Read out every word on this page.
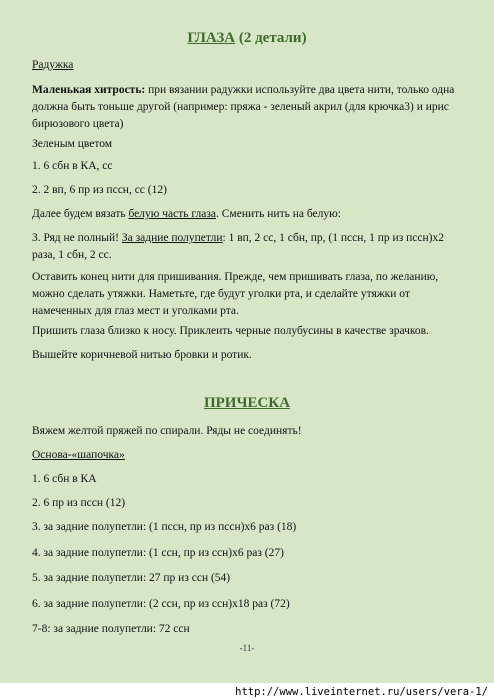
ГЛАЗА (2 детали)
Радужка
Маленькая хитрость: при вязании радужки используйте два цвета нити, только одна
должна быть тоньше другой (например: пряжа - зеленый акрил (для крючка3) и ирис
бирюзового цвета)
Зеленым цветом
1. 6 сбн в КА, сс
2. 2 вп, 6 пр из псcн, сс (12)
Далее будем вязать белую часть глаза. Сменить нить на белую:
3. Ряд не полный! За задние полупетли: 1 вп, 2 сс, 1 сбн, пр, (1 псcн, 1 пр из псcн)х2
раза, 1 сбн, 2 сс.
Оставить конец нити для пришивания. Прежде, чем пришивать глаза, по желанию,
можно сделать утяжки. Наметьте, где будут уголки рта, и сделайте утяжки от
намеченных для глаз мест и уголками рта.
Пришить глаза близко к носу. Приклеить черные полубусины в качестве зрачков.
Вышейте коричневой нитью бровки и ротик.
ПРИЧЕСКА
Вяжем желтой пряжей по спирали. Ряды не соединять!
Основа-«шапочка»
1. 6 сбн в КА
2. 6 пр из псcн (12)
3. за задние полупетли: (1 псcн, пр из псcн)х6 раз (18)
4. за задние полупетли: (1 сcн, пр из сcн)х6 раз (27)
5. за задние полупетли: 27 пр из сcн (54)
6. за задние полупетли: (2 сcн, пр из сcн)х18 раз (72)
7-8: за задние полупетли: 72 сcн
-11-
http://www.liveinternet.ru/users/vera-1/
